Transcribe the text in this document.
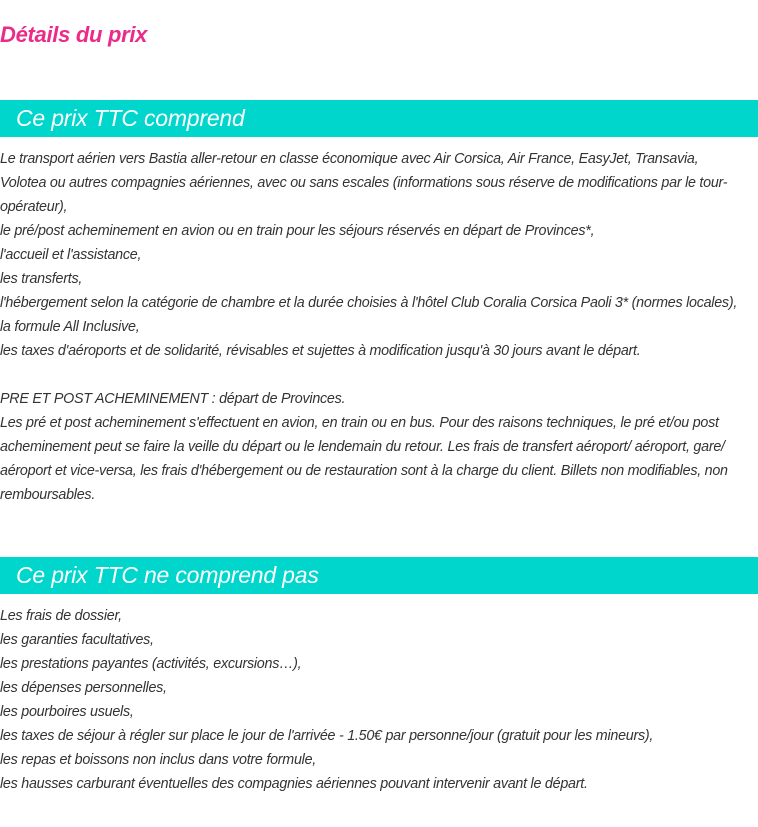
Détails du prix
Ce prix TTC comprend
Le transport aérien vers Bastia aller-retour en classe économique avec Air Corsica, Air France, EasyJet, Transavia,
Volotea ou autres compagnies aériennes, avec ou sans escales (informations sous réserve de modifications par le tour-
opérateur),
le pré/post acheminement en avion ou en train pour les séjours réservés en départ de Provinces*,
l'accueil et l'assistance,
les transferts,
l'hébergement selon la catégorie de chambre et la durée choisies à l'hôtel Club Coralia Corsica Paoli 3* (normes locales),
la formule All Inclusive,
les taxes d'aéroports et de solidarité, révisables et sujettes à modification jusqu'à 30 jours avant le départ.
PRE ET POST ACHEMINEMENT : départ de Provinces.
Les pré et post acheminement s'effectuent en avion, en train ou en bus. Pour des raisons techniques, le pré et/ou post
acheminement peut se faire la veille du départ ou le lendemain du retour. Les frais de transfert aéroport/ aéroport, gare/
aéroport et vice-versa, les frais d'hébergement ou de restauration sont à la charge du client. Billets non modifiables, non
remboursables.
Ce prix TTC ne comprend pas
Les frais de dossier,
les garanties facultatives,
les prestations payantes (activités, excursions…),
les dépenses personnelles,
les pourboires usuels,
les taxes de séjour à régler sur place le jour de l'arrivée - 1.50€ par personne/jour (gratuit pour les mineurs),
les repas et boissons non inclus dans votre formule,
les hausses carburant éventuelles des compagnies aériennes pouvant intervenir avant le départ.
